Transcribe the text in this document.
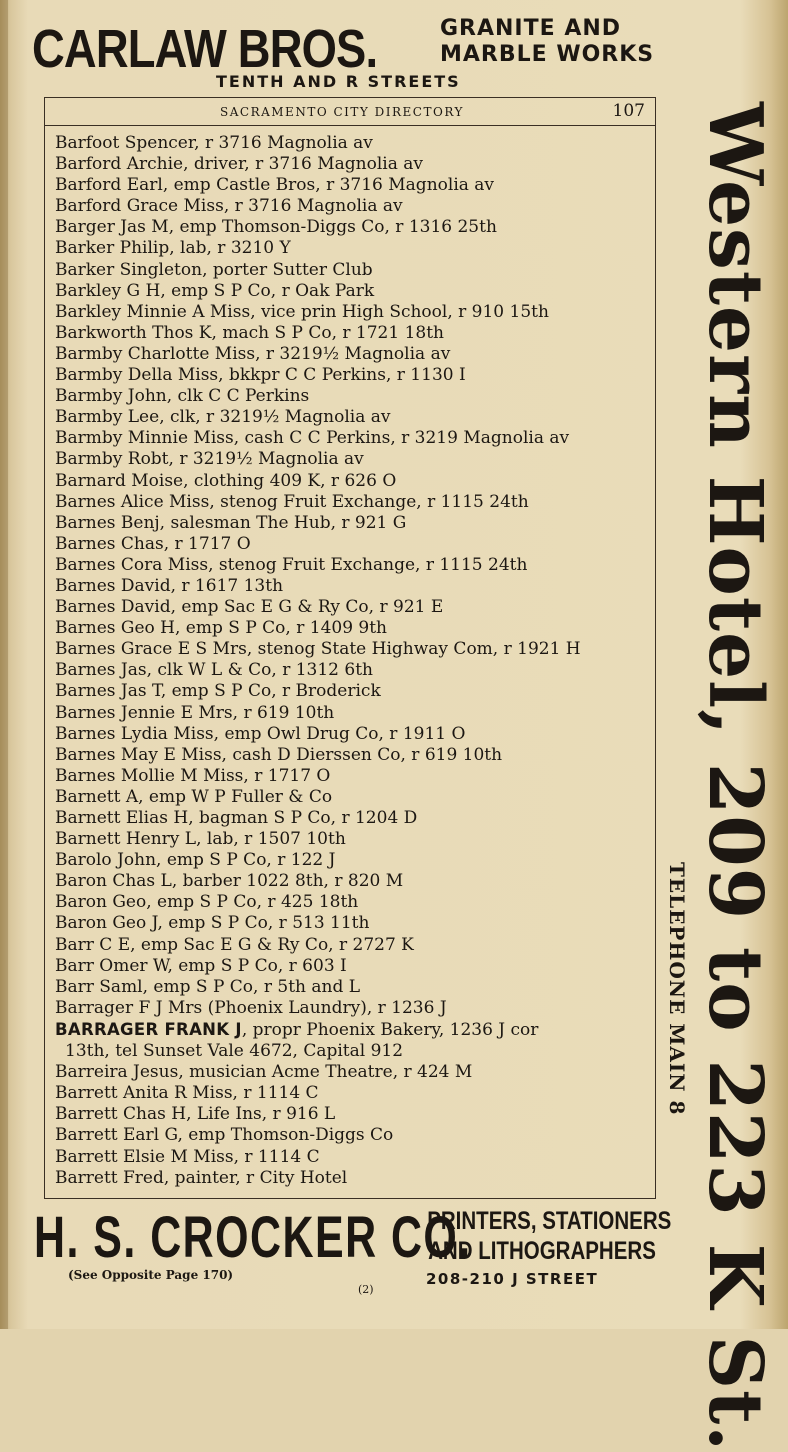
CARLAW BROS.	GRANITE AND
MARBLE WORKS
TENTH AND R STREETS
SACRAMENTO CITY DIRECTORY	107
Barfoot Spencer, r 3716 Magnolia av
Barford Archie, driver, r 3716 Magnolia av
Barford Earl, emp Castle Bros, r 3716 Magnolia av
Barford Grace Miss, r 3716 Magnolia av
Barger Jas M, emp Thomson-Diggs Co, r 1316 25th
Barker Philip, lab, r 3210 Y
Barker Singleton, porter Sutter Club
Barkley G H, emp S P Co, r Oak Park
Barkley Minnie A Miss, vice prin High School, r 910 15th
Barkworth Thos K, mach S P Co, r 1721 18th
Barmby Charlotte Miss, r 3219½ Magnolia av
Barmby Della Miss, bkkpr C C Perkins, r 1130 I
Barmby John, clk C C Perkins
Barmby Lee, clk, r 3219½ Magnolia av
Barmby Minnie Miss, cash C C Perkins, r 3219 Magnolia av
Barmby Robt, r 3219½ Magnolia av
Barnard Moise, clothing 409 K, r 626 O
Barnes Alice Miss, stenog Fruit Exchange, r 1115 24th
Barnes Benj, salesman The Hub, r 921 G
Barnes Chas, r 1717 O
Barnes Cora Miss, stenog Fruit Exchange, r 1115 24th
Barnes David, r 1617 13th
Barnes David, emp Sac E G & Ry Co, r 921 E
Barnes Geo H, emp S P Co, r 1409 9th
Barnes Grace E S Mrs, stenog State Highway Com, r 1921 H
Barnes Jas, clk W L & Co, r 1312 6th
Barnes Jas T, emp S P Co, r Broderick
Barnes Jennie E Mrs, r 619 10th
Barnes Lydia Miss, emp Owl Drug Co, r 1911 O
Barnes May E Miss, cash D Dierssen Co, r 619 10th
Barnes Mollie M Miss, r 1717 O
Barnett A, emp W P Fuller & Co
Barnett Elias H, bagman S P Co, r 1204 D
Barnett Henry L, lab, r 1507 10th
Barolo John, emp S P Co, r 122 J
Baron Chas L, barber 1022 8th, r 820 M
Baron Geo, emp S P Co, r 425 18th
Baron Geo J, emp S P Co, r 513 11th
Barr C E, emp Sac E G & Ry Co, r 2727 K
Barr Omer W, emp S P Co, r 603 I
Barr Saml, emp S P Co, r 5th and L
Barrager F J Mrs (Phoenix Laundry), r 1236 J
BARRAGER FRANK J, propr Phoenix Bakery, 1236 J cor
13th, tel Sunset Vale 4672, Capital 912
Barreira Jesus, musician Acme Theatre, r 424 M
Barrett Anita R Miss, r 1114 C
Barrett Chas H, Life Ins, r 916 L
Barrett Earl G, emp Thomson-Diggs Co
Barrett Elsie M Miss, r 1114 C
Barrett Fred, painter, r City Hotel	Western Hotel, 209 to 223 K St.
TELEPHONE MAIN 8
H. S. CROCKER CO.
PRINTERS, STATIONERS
AND LITHOGRAPHERS
(See Opposite Page 170)	208-210 J STREET
(2)
